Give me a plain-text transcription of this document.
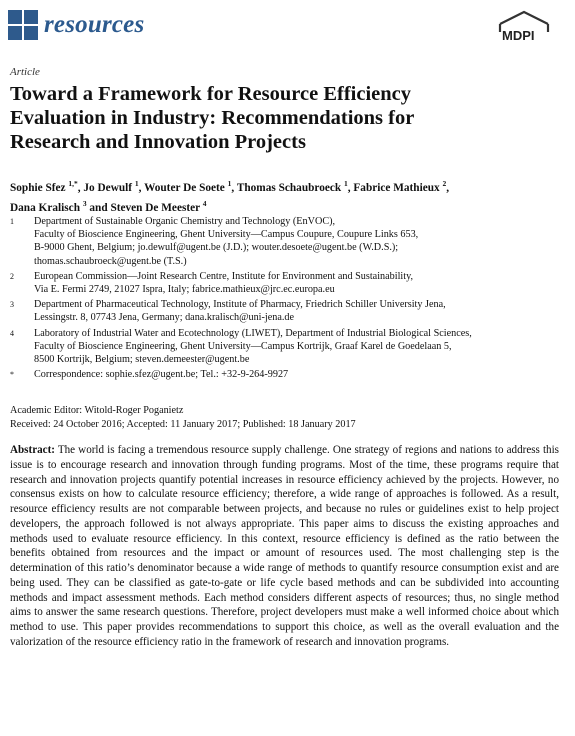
resources	MDPI
Article
Toward a Framework for Resource Efficiency Evaluation in Industry: Recommendations for Research and Innovation Projects
Sophie Sfez $^{1,*}$, Jo Dewulf $^1$, Wouter De Soete $^1$, Thomas Schaubroeck $^1$, Fabrice Mathieux $^2$,
Dana Kralisch $^3$ and Steven De Meester $^4$
1	Department of Sustainable Organic Chemistry and Technology (EnVOC),
Faculty of Bioscience Engineering, Ghent University—Campus Coupure, Coupure Links 653,
B-9000 Ghent, Belgium; jo.dewulf@ugent.be (J.D.); wouter.desoete@ugent.be (W.D.S.);
thomas.schaubroeck@ugent.be (T.S.)
2	European Commission—Joint Research Centre, Institute for Environment and Sustainability,
Via E. Fermi 2749, 21027 Ispra, Italy; fabrice.mathieux@jrc.ec.europa.eu
3	Department of Pharmaceutical Technology, Institute of Pharmacy, Friedrich Schiller University Jena,
Lessingstr. 8, 07743 Jena, Germany; dana.kralisch@uni-jena.de
4	Laboratory of Industrial Water and Ecotechnology (LIWET), Department of Industrial Biological Sciences,
Faculty of Bioscience Engineering, Ghent University—Campus Kortrijk, Graaf Karel de Goedelaan 5,
8500 Kortrijk, Belgium; steven.demeester@ugent.be
*	Correspondence: sophie.sfez@ugent.be; Tel.: +32-9-264-9927
Academic Editor: Witold-Roger Poganietz
Received: 24 October 2016; Accepted: 11 January 2017; Published: 18 January 2017
Abstract: The world is facing a tremendous resource supply challenge. One strategy of regions and nations to address this issue is to encourage research and innovation through funding programs. Most of the time, these programs require that research and innovation projects quantify potential increases in resource efficiency achieved by the projects. However, no consensus exists on how to calculate resource efficiency; therefore, a wide range of approaches is followed. As a result, resource efficiency results are not comparable between projects, and because no rules or guidelines exist to help project developers, the approach followed is not always appropriate. This paper aims to discuss the existing approaches and methods used to evaluate resource efficiency. In this context, resource efficiency is defined as the ratio between the benefits obtained from resources and the impact or amount of resources used. The most challenging step is the determination of this ratio’s denominator because a wide range of methods to quantify resource consumption exist and are being used. They can be classified as gate-to-gate or life cycle based methods and can be subdivided into accounting methods and impact assessment methods. Each method considers different aspects of resources; thus, no single method aims to answer the same research questions. Therefore, project developers must make a well informed choice about which method to use. This paper provides recommendations to support this choice, as well as the overall evaluation and the valorization of the resource efficiency ratio in the framework of research and innovation programs.
